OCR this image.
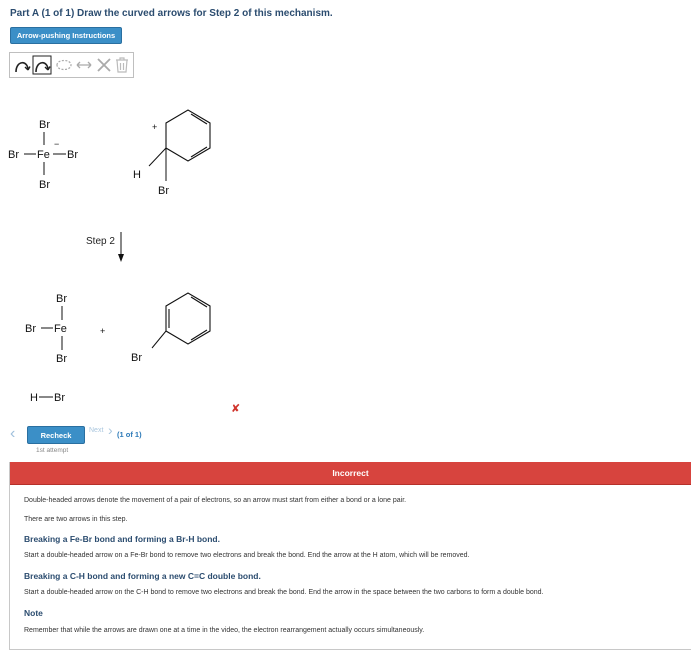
Part A (1 of 1) Draw the curved arrows for Step 2 of this mechanism.
Arrow-pushing Instructions
Br
−
Br Fe Br
Br
+
H
Br
Step 2
Br
Br Fe
Br
+
Br
H Br
✘
‹	Recheck
1st attempt
Next › (1 of 1)
Incorrect
Double-headed arrows denote the movement of a pair of electrons, so an arrow must start from either a bond or a lone pair.
There are two arrows in this step.
Breaking a Fe-Br bond and forming a Br-H bond.
Start a double-headed arrow on a Fe-Br bond to remove two electrons and break the bond. End the arrow at the H atom, which will be removed.
Breaking a C-H bond and forming a new C=C double bond.
Start a double-headed arrow on the C-H bond to remove two electrons and break the bond. End the arrow in the space between the two carbons to form a double bond.
Note
Remember that while the arrows are drawn one at a time in the video, the electron rearrangement actually occurs simultaneously.
